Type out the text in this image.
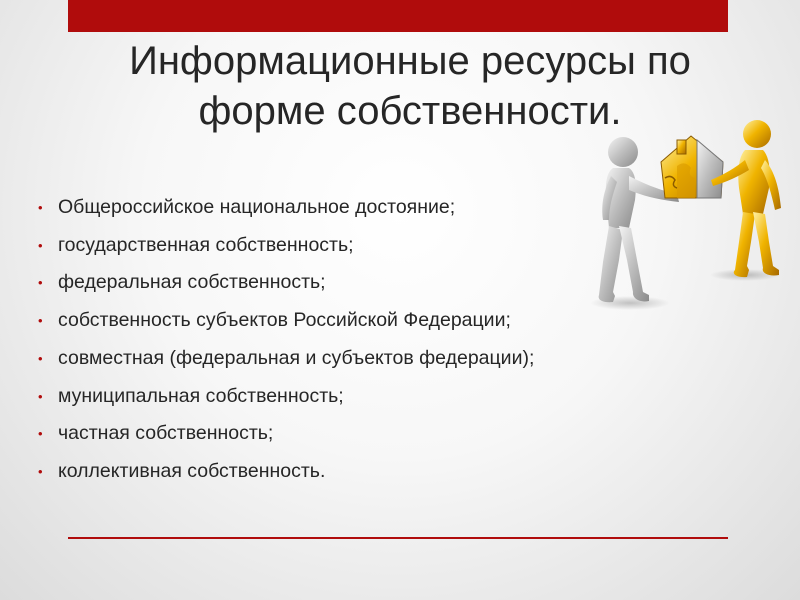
Информационные ресурсы по форме собственности.
• Общероссийское национальное достояние;
• государственная собственность;
• федеральная собственность;
• собственность субъектов Российской Федерации;
• совместная (федеральная и субъектов федерации);
• муниципальная собственность;
• частная собственность;
• коллективная собственность.
